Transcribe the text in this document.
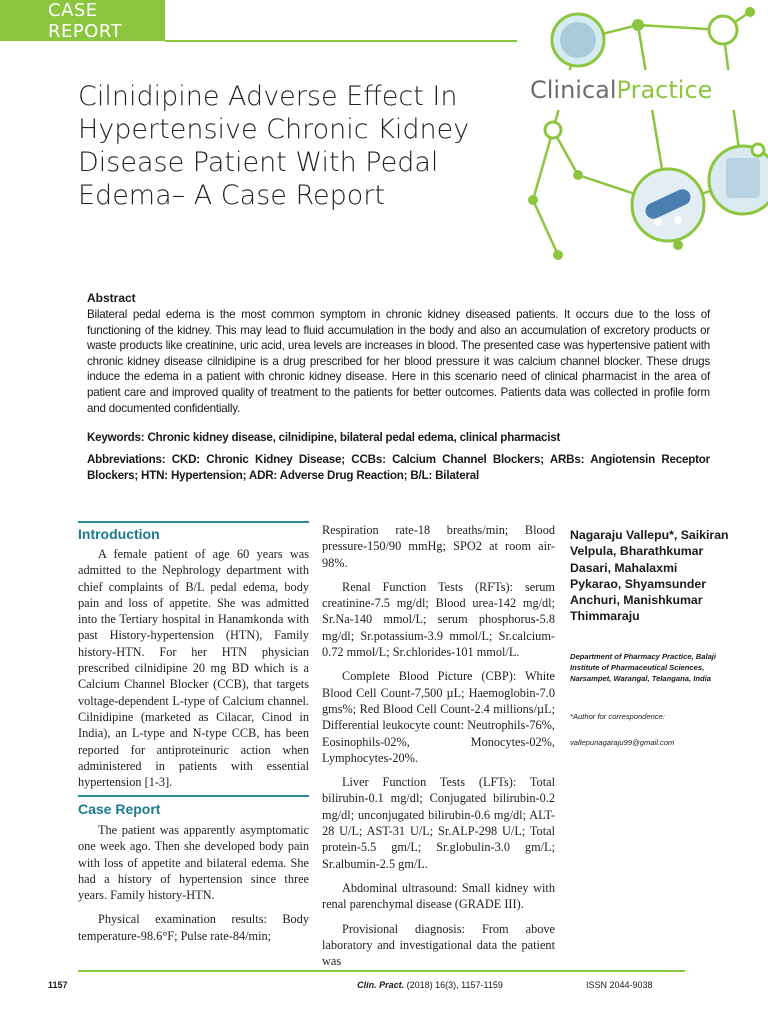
CASE REPORT
Cilnidipine Adverse Effect In Hypertensive Chronic Kidney Disease Patient With Pedal Edema– A Case Report
ClinicalPractice
Abstract
Bilateral pedal edema is the most common symptom in chronic kidney diseased patients. It occurs due to the loss of functioning of the kidney. This may lead to fluid accumulation in the body and also an accumulation of excretory products or waste products like creatinine, uric acid, urea levels are increases in blood. The presented case was hypertensive patient with chronic kidney disease cilnidipine is a drug prescribed for her blood pressure it was calcium channel blocker. These drugs induce the edema in a patient with chronic kidney disease. Here in this scenario need of clinical pharmacist in the area of patient care and improved quality of treatment to the patients for better outcomes. Patients data was collected in profile form and documented confidentially.
Keywords: Chronic kidney disease, cilnidipine, bilateral pedal edema, clinical pharmacist
Abbreviations: CKD: Chronic Kidney Disease; CCBs: Calcium Channel Blockers; ARBs: Angiotensin Receptor Blockers; HTN: Hypertension; ADR: Adverse Drug Reaction; B/L: Bilateral
Introduction

A female patient of age 60 years was admitted to the Nephrology department with chief complaints of B/L pedal edema, body pain and loss of appetite. She was admitted into the Tertiary hospital in Hanamkonda with past History-hypertension (HTN), Family history-HTN. For her HTN physician prescribed cilnidipine 20 mg BD which is a Calcium Channel Blocker (CCB), that targets voltage-dependent L-type of Calcium channel. Cilnidipine (marketed as Cilacar, Cinod in India), an L-type and N-type CCB, has been reported for antiproteinuric action when administered in patients with essential hypertension [1-3].

Case Report

The patient was apparently asymptomatic one week ago. Then she developed body pain with loss of appetite and bilateral edema. She had a history of hypertension since three years. Family history-HTN.

Physical examination results: Body temperature-98.6°F; Pulse rate-84/min;

Respiration rate-18 breaths/min; Blood pressure-150/90 mmHg; SPO2 at room air-98%.

Renal Function Tests (RFTs): serum creatinine-7.5 mg/dl; Blood urea-142 mg/dl; Sr.Na-140 mmol/L; serum phosphorus-5.8 mg/dl; Sr.potassium-3.9 mmol/L; Sr.calcium-0.72 mmol/L; Sr.chlorides-101 mmol/L.

Complete Blood Picture (CBP): White Blood Cell Count-7,500 µL; Haemoglobin-7.0 gms%; Red Blood Cell Count-2.4 millions/µL; Differential leukocyte count: Neutrophils-76%, Eosinophils-02%, Monocytes-02%, Lymphocytes-20%.

Liver Function Tests (LFTs): Total bilirubin-0.1 mg/dl; Conjugated bilirubin-0.2 mg/dl; unconjugated bilirubin-0.6 mg/dl; ALT-28 U/L; AST-31 U/L; Sr.ALP-298 U/L; Total protein-5.5 gm/L; Sr.globulin-3.0 gm/L; Sr.albumin-2.5 gm/L.

Abdominal ultrasound: Small kidney with renal parenchymal disease (GRADE III).

Provisional diagnosis: From above laboratory and investigational data the patient was

Nagaraju Vallepu*, Saikiran Velpula, Bharathkumar Dasari, Mahalaxmi Pykarao, Shyamsunder Anchuri, Manishkumar Thimmaraju
Department of Pharmacy Practice, Balaji Institute of Pharmaceutical Sciences, Narsampet, Warangal, Telangana, India
*Author for correspondence:
vallepunagaraju99@gmail.com
1157	Clin. Pract. (2018) 16(3), 1157-1159	ISSN 2044-9038
